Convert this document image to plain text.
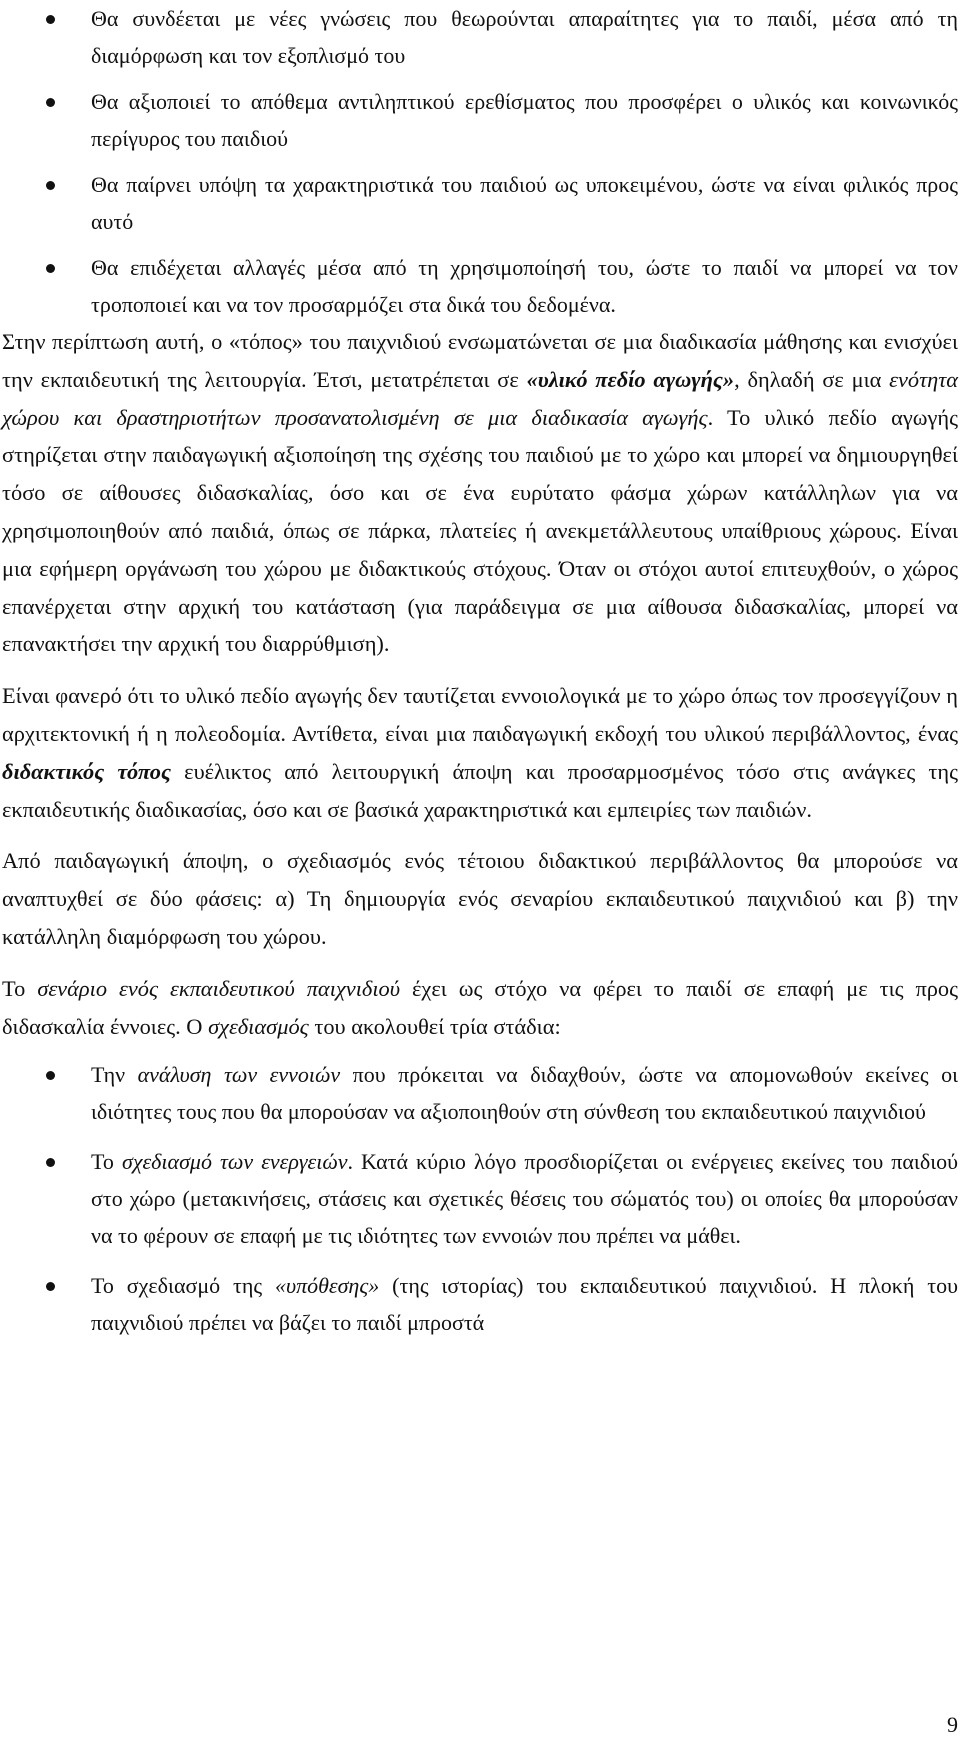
Θα συνδέεται με νέες γνώσεις που θεωρούνται απαραίτητες για το παιδί, μέσα από τη διαμόρφωση και τον εξοπλισμό του
Θα αξιοποιεί το απόθεμα αντιληπτικού ερεθίσματος που προσφέρει ο υλικός και κοινωνικός περίγυρος του παιδιού
Θα παίρνει υπόψη τα χαρακτηριστικά του παιδιού ως υποκειμένου, ώστε να είναι φιλικός προς αυτό
Θα επιδέχεται αλλαγές μέσα από τη χρησιμοποίησή του, ώστε το παιδί να μπορεί να τον τροποποιεί και να τον προσαρμόζει στα δικά του δεδομένα.

Στην περίπτωση αυτή, ο «τόπος» του παιχνιδιού ενσωματώνεται σε μια διαδικασία μάθησης και ενισχύει την εκπαιδευτική της λειτουργία. Έτσι, μετατρέπεται σε «υλικό πεδίο αγωγής», δηλαδή σε μια ενότητα χώρου και δραστηριοτήτων προσανατολισμένη σε μια διαδικασία αγωγής. Το υλικό πεδίο αγωγής στηρίζεται στην παιδαγωγική αξιοποίηση της σχέσης του παιδιού με το χώρο και μπορεί να δημιουργηθεί τόσο σε αίθουσες διδασκαλίας, όσο και σε ένα ευρύτατο φάσμα χώρων κατάλληλων για να χρησιμοποιηθούν από παιδιά, όπως σε πάρκα, πλατείες ή ανεκμετάλλευτους υπαίθριους χώρους. Είναι μια εφήμερη οργάνωση του χώρου με διδακτικούς στόχους. Όταν οι στόχοι αυτοί επιτευχθούν, ο χώρος επανέρχεται στην αρχική του κατάσταση (για παράδειγμα σε μια αίθουσα διδασκαλίας, μπορεί να επανακτήσει την αρχική του διαρρύθμιση).

Είναι φανερό ότι το υλικό πεδίο αγωγής δεν ταυτίζεται εννοιολογικά με το χώρο όπως τον προσεγγίζουν η αρχιτεκτονική ή η πολεοδομία. Αντίθετα, είναι μια παιδαγωγική εκδοχή του υλικού περιβάλλοντος, ένας διδακτικός τόπος ευέλικτος από λειτουργική άποψη και προσαρμοσμένος τόσο στις ανάγκες της εκπαιδευτικής διαδικασίας, όσο και σε βασικά χαρακτηριστικά και εμπειρίες των παιδιών.

Από παιδαγωγική άποψη, ο σχεδιασμός ενός τέτοιου διδακτικού περιβάλλοντος θα μπορούσε να αναπτυχθεί σε δύο φάσεις: α) Τη δημιουργία ενός σεναρίου εκπαιδευτικού παιχνιδιού και β) την κατάλληλη διαμόρφωση του χώρου.

Το σενάριο ενός εκπαιδευτικού παιχνιδιού έχει ως στόχο να φέρει το παιδί σε επαφή με τις προς διδασκαλία έννοιες. Ο σχεδιασμός του ακολουθεί τρία στάδια:

Την ανάλυση των εννοιών που πρόκειται να διδαχθούν, ώστε να απομονωθούν εκείνες οι ιδιότητες τους που θα μπορούσαν να αξιοποιηθούν στη σύνθεση του εκπαιδευτικού παιχνιδιού
Το σχεδιασμό των ενεργειών. Κατά κύριο λόγο προσδιορίζεται οι ενέργειες εκείνες του παιδιού στο χώρο (μετακινήσεις, στάσεις και σχετικές θέσεις του σώματός του) οι οποίες θα μπορούσαν να το φέρουν σε επαφή με τις ιδιότητες των εννοιών που πρέπει να μάθει.
Το σχεδιασμό της «υπόθεσης» (της ιστορίας) του εκπαιδευτικού παιχνιδιού. Η πλοκή του παιχνιδιού πρέπει να βάζει το παιδί μπροστά
9
